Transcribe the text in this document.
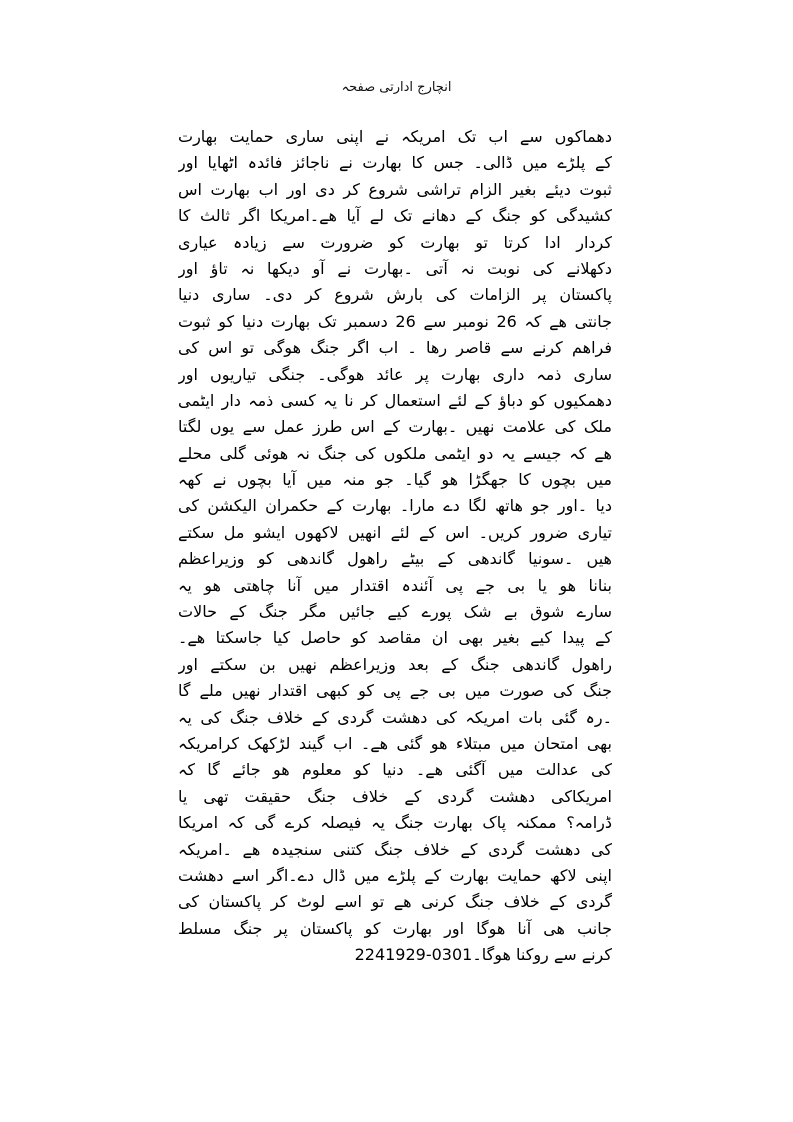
انچارج ادارتی صفحہ
دھماکوں سے اب تک امریکہ نے اپنی ساری حمایت بھارت
کے پلڑے میں ڈالی۔ جس کا بھارت نے ناجائز فائدہ اٹھایا اور
ثبوت دیئے بغیر الزام تراشی شروع کر دی اور اب بھارت اس
کشیدگی کو جنگ کے دھانے تک لے آیا ھے۔امریکا اگر ثالث کا
کردار ادا کرتا تو بھارت کو ضرورت سے زیادہ عیاری
دکھلانے کی نوبت نہ آتی ۔بھارت نے آو دیکھا نہ تاؤ اور
پاکستان پر الزامات کی بارش شروع کر دی۔ ساری دنیا
جانتی ھے کہ 26 نومبر سے 26 دسمبر تک بھارت دنیا کو ثبوت
فراھم کرنے سے قاصر رھا ۔ اب اگر جنگ ھوگی تو اس کی
ساری ذمہ داری بھارت پر عائد ھوگی۔ جنگی تیاریوں اور
دھمکیوں کو دباؤ کے لئے استعمال کر نا یہ کسی ذمہ دار ایٹمی
ملک کی علامت نھیں ۔بھارت کے اس طرز عمل سے یوں لگتا
ھے کہ جیسے یہ دو ایٹمی ملکوں کی جنگ نہ ھوئی گلی محلے
میں بچوں کا جھگڑا ھو گیا۔ جو منہ میں آیا بچوں نے کھہ
دیا ۔اور جو ھاتھ لگا دے مارا۔ بھارت کے حکمران الیکشن کی
تیاری ضرور کریں۔ اس کے لئے انھیں لاکھوں ایشو مل سکتے
ھیں ۔سونیا گاندھی کے بیٹے راھول گاندھی کو وزیراعظم
بنانا ھو یا بی جے پی آئندہ اقتدار میں آنا چاھتی ھو یہ
سارے شوق بے شک پورے کیے جائیں مگر جنگ کے حالات
کے پیدا کیے بغیر بھی ان مقاصد کو حاصل کیا جاسکتا ھے۔
راھول گاندھی جنگ کے بعد وزیراعظم نھیں بن سکتے اور
جنگ کی صورت میں بی جے پی کو کبھی اقتدار نھیں ملے گا
۔رہ گئی بات امریکہ کی دھشت گردی کے خلاف جنگ کی یہ
بھی امتحان میں مبتلاء ھو گئی ھے۔ اب گیند لڑکھک کرامریکہ
کی عدالت میں آگئی ھے۔ دنیا کو معلوم ھو جائے گا کہ
امریکاکی دھشت گردی کے خلاف جنگ حقیقت تھی یا
ڈرامہ؟ ممکنہ پاک بھارت جنگ یہ فیصلہ کرے گی کہ امریکا
کی دھشت گردی کے خلاف جنگ کتنی سنجیدہ ھے ۔امریکہ
اپنی لاکھ حمایت بھارت کے پلڑے میں ڈال دے۔اگر اسے دھشت
گردی کے خلاف جنگ کرنی ھے تو اسے لوٹ کر پاکستان کی
جانب ھی آنا ھوگا اور بھارت کو پاکستان پر جنگ مسلط
کرنے سے روکنا ھوگا۔0301-2241929
